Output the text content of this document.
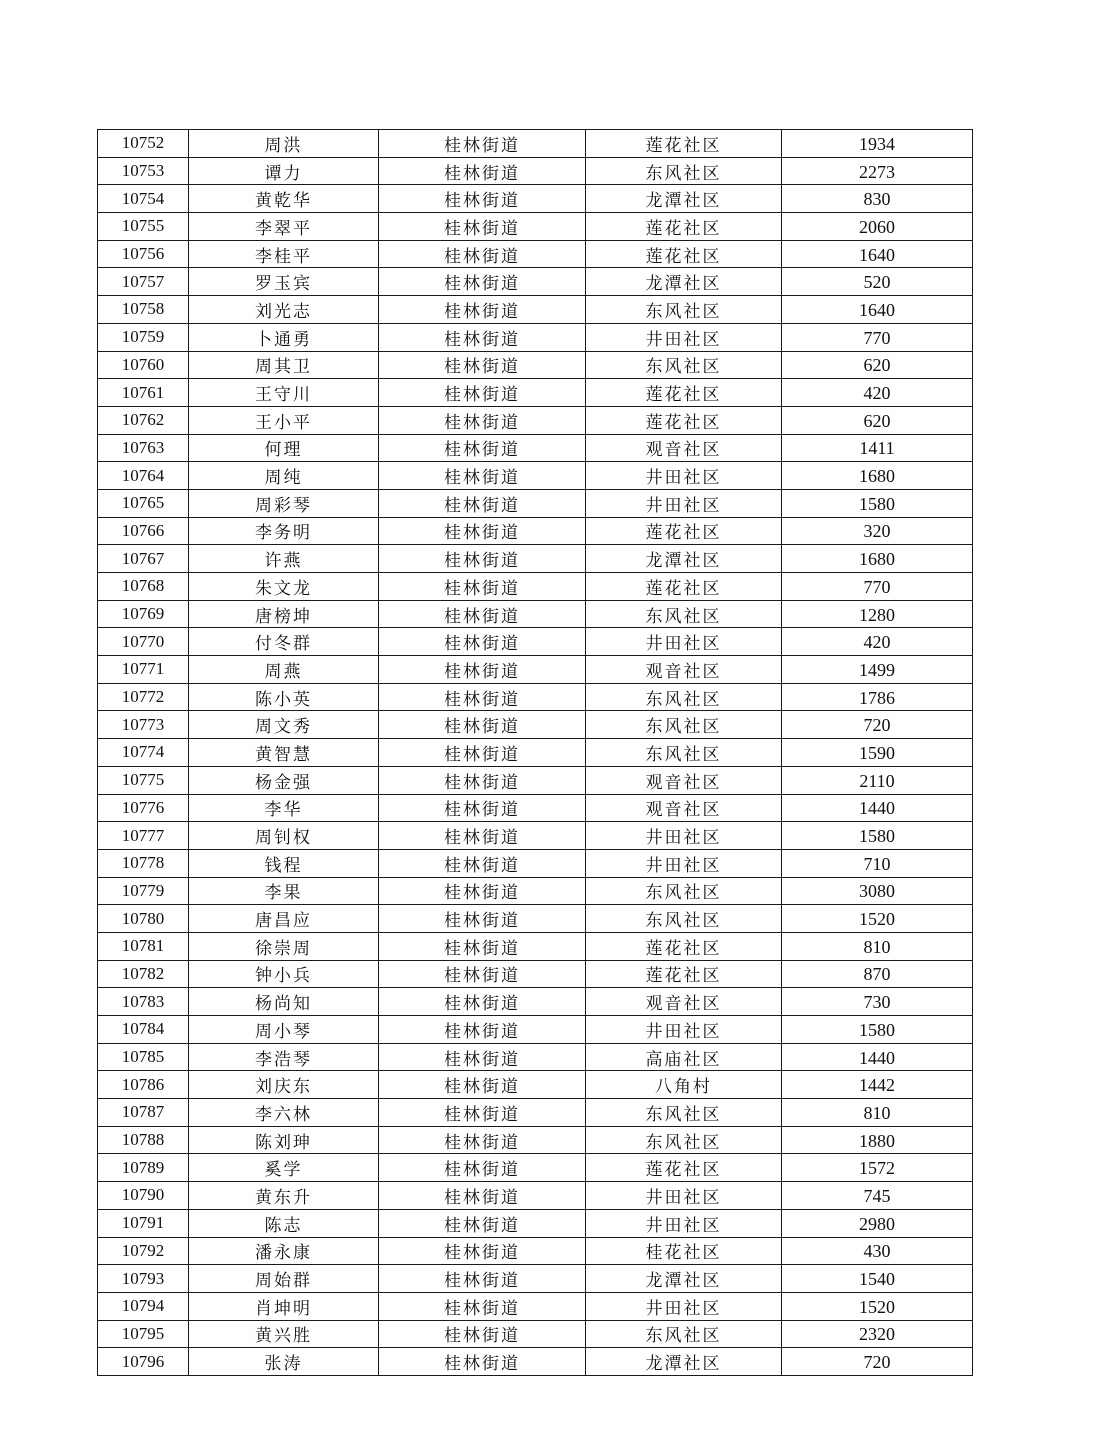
10752	周洪	桂林街道	莲花社区	1934
10753	谭力	桂林街道	东风社区	2273
10754	黄乾华	桂林街道	龙潭社区	830
10755	李翠平	桂林街道	莲花社区	2060
10756	李桂平	桂林街道	莲花社区	1640
10757	罗玉宾	桂林街道	龙潭社区	520
10758	刘光志	桂林街道	东风社区	1640
10759	卜通勇	桂林街道	井田社区	770
10760	周其卫	桂林街道	东风社区	620
10761	王守川	桂林街道	莲花社区	420
10762	王小平	桂林街道	莲花社区	620
10763	何理	桂林街道	观音社区	1411
10764	周纯	桂林街道	井田社区	1680
10765	周彩琴	桂林街道	井田社区	1580
10766	李务明	桂林街道	莲花社区	320
10767	许燕	桂林街道	龙潭社区	1680
10768	朱文龙	桂林街道	莲花社区	770
10769	唐榜坤	桂林街道	东风社区	1280
10770	付冬群	桂林街道	井田社区	420
10771	周燕	桂林街道	观音社区	1499
10772	陈小英	桂林街道	东风社区	1786
10773	周文秀	桂林街道	东风社区	720
10774	黄智慧	桂林街道	东风社区	1590
10775	杨金强	桂林街道	观音社区	2110
10776	李华	桂林街道	观音社区	1440
10777	周钊权	桂林街道	井田社区	1580
10778	钱程	桂林街道	井田社区	710
10779	李果	桂林街道	东风社区	3080
10780	唐昌应	桂林街道	东风社区	1520
10781	徐崇周	桂林街道	莲花社区	810
10782	钟小兵	桂林街道	莲花社区	870
10783	杨尚知	桂林街道	观音社区	730
10784	周小琴	桂林街道	井田社区	1580
10785	李浩琴	桂林街道	高庙社区	1440
10786	刘庆东	桂林街道	八角村	1442
10787	李六林	桂林街道	东风社区	810
10788	陈刘珅	桂林街道	东风社区	1880
10789	奚学	桂林街道	莲花社区	1572
10790	黄东升	桂林街道	井田社区	745
10791	陈志	桂林街道	井田社区	2980
10792	潘永康	桂林街道	桂花社区	430
10793	周始群	桂林街道	龙潭社区	1540
10794	肖坤明	桂林街道	井田社区	1520
10795	黄兴胜	桂林街道	东风社区	2320
10796	张涛	桂林街道	龙潭社区	720
